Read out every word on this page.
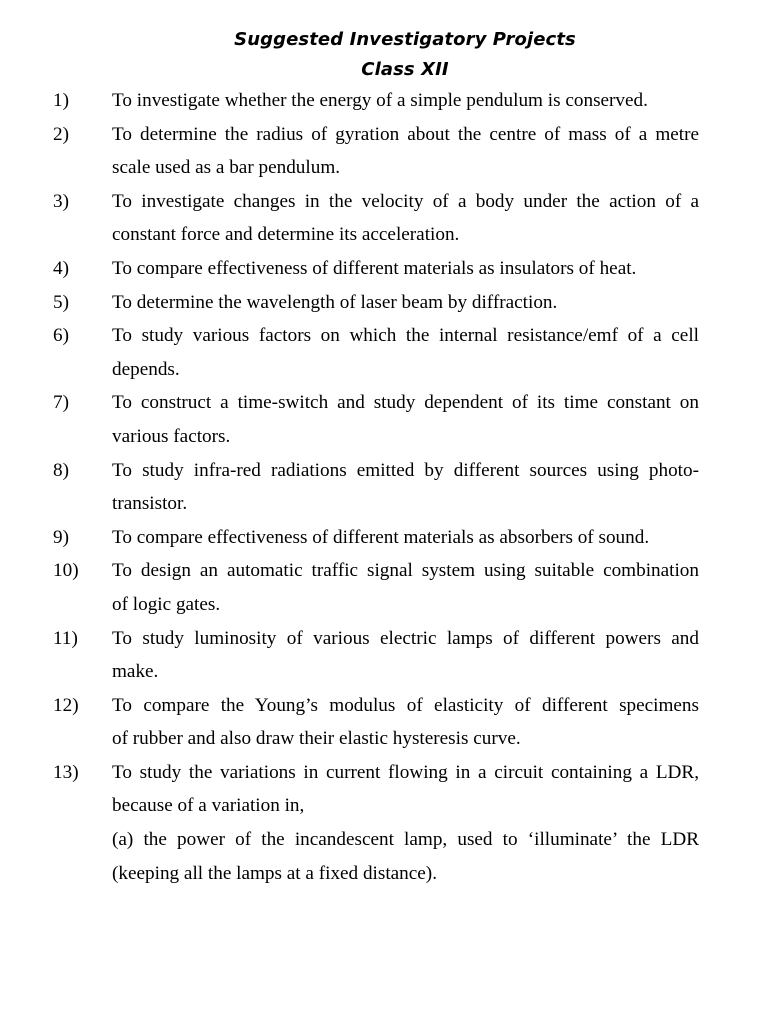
Suggested Investigatory Projects
Class XII
1)	To investigate whether the energy of a simple pendulum is conserved.
2)	To determine the radius of gyration about the centre of mass of a metre
scale used as a bar pendulum.
3)	To investigate changes in the velocity of a body under the action of a
constant force and determine its acceleration.
4)	To compare effectiveness of different materials as insulators of heat.
5)	To determine the wavelength of laser beam by diffraction.
6)	To study various factors on which the internal resistance/emf of a cell
depends.
7)	To construct a time-switch and study dependent of its time constant on
various factors.
8)	To study infra-red radiations emitted by different sources using photo-
transistor.
9)	To compare effectiveness of different materials as absorbers of sound.
10)	To design an automatic traffic signal system using suitable combination
of logic gates.
11)	To study luminosity of various electric lamps of different powers and
make.
12)	To compare the Young’s modulus of elasticity of different specimens
of rubber and also draw their elastic hysteresis curve.
13)	To study the variations in current flowing in a circuit containing a LDR,
because of a variation in,
(a) the power of the incandescent lamp, used to ‘illuminate’ the LDR
(keeping all the lamps at a fixed distance).
